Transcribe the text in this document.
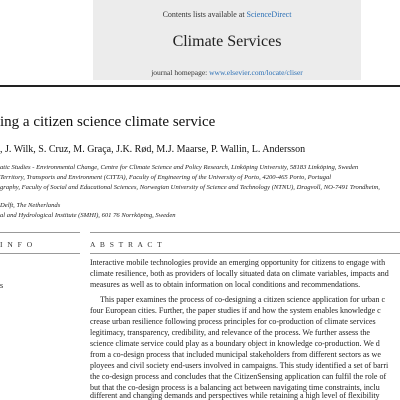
Contents lists available at ScienceDirect
Climate Services
journal homepage: www.elsevier.com/locate/cliser
ing a citizen science climate service
, J. Wilk, S. Cruz, M. Graça, J.K. Rød, M.J. Maarse, P. Wallin, L. Andersson
atic Studies - Environmental Change, Centre for Climate Science and Policy Research, Linköping University, 58183 Linköping, Sweden
Territory, Transports and Environment (CITTA), Faculty of Engineering of the University of Porto, 4200-465 Porto, Portugal
graphy, Faculty of Social and Educational Sciences, Norwegian University of Science and Technology (NTNU), Dragvoll, NO-7491 Trondheim,
Delft, The Netherlands
al and Hydrological Institute (SMHI), 601 76 Norrköping, Sweden
I N F O	A B S T R A C T
s
Interactive mobile technologies provide an emerging opportunity for citizens to engage with
climate resilience, both as providers of locally situated data on climate variables, impacts and
measures as well as to obtain information on local conditions and recommendations.
This paper examines the process of co-designing a citizen science application for urban c
four European cities. Further, the paper studies if and how the system enables knowledge c
crease urban resilience following process principles for co-production of climate services
legitimacy, transparency, credibility, and relevance of the process. We further assess the
science climate service could play as a boundary object in knowledge co-production. We d
from a co-design process that included municipal stakeholders from different sectors as we
ployees and civil society end-users involved in campaigns. This study identified a set of barri
the co-design process and concludes that the CitizenSensing application can fulfil the role of
but that the co-design process is a balancing act between navigating time constraints, inclu
different and changing demands and perspectives while retaining a high level of flexibility
